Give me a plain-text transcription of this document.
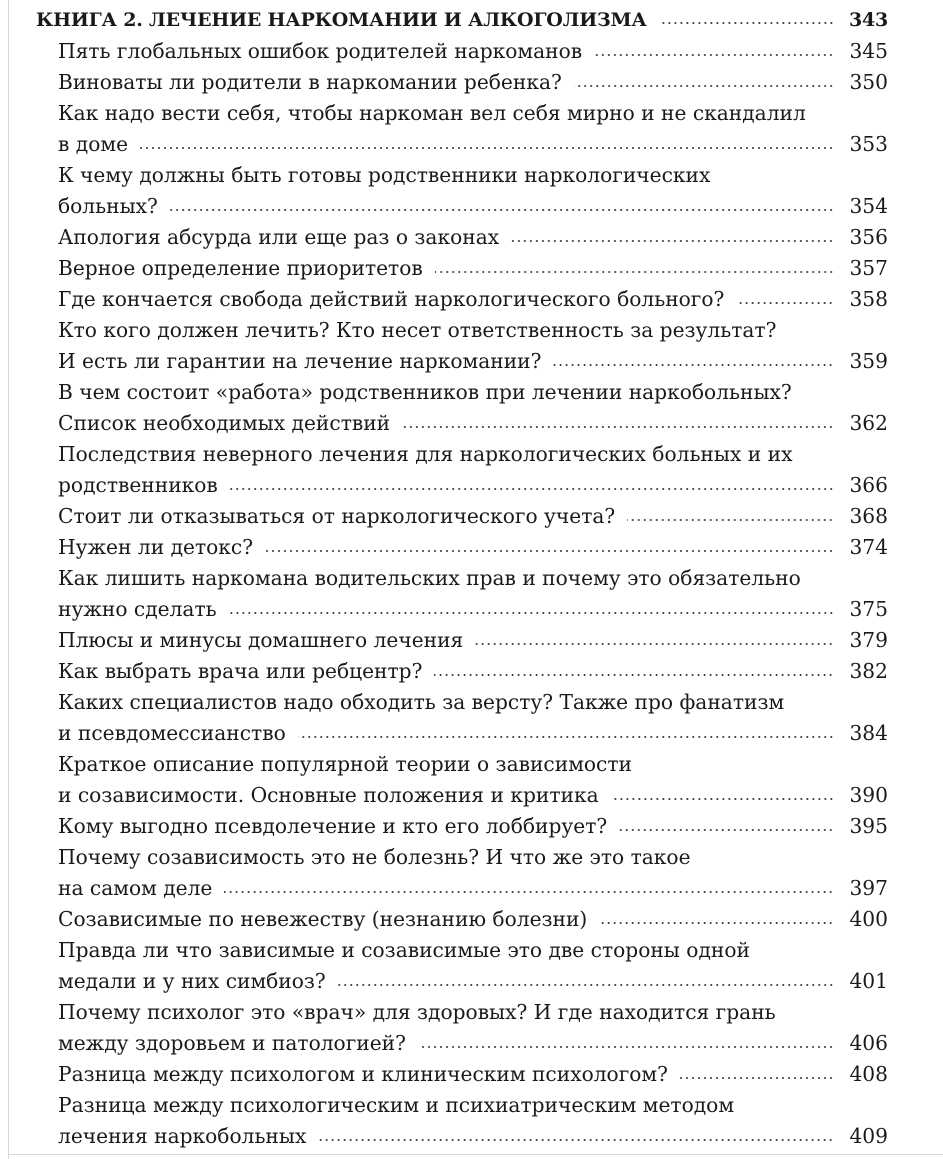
КНИГА 2. ЛЕЧЕНИЕ НАРКОМАНИИ И АЛКОГОЛИЗМА	343
Пять глобальных ошибок родителей наркоманов	345
Виноваты ли родители в наркомании ребенка?	350
Как надо вести себя, чтобы наркоман вел себя мирно и не скандалил
в доме	353
К чему должны быть готовы родственники наркологических
больных?	354
Апология абсурда или еще раз о законах	356
Верное определение приоритетов	357
Где кончается свобода действий наркологического больного?	358
Кто кого должен лечить? Кто несет ответственность за результат?
И есть ли гарантии на лечение наркомании?	359
В чем состоит «работа» родственников при лечении наркобольных?
Список необходимых действий	362
Последствия неверного лечения для наркологических больных и их
родственников	366
Стоит ли отказываться от наркологического учета?	368
Нужен ли детокс?	374
Как лишить наркомана водительских прав и почему это обязательно
нужно сделать	375
Плюсы и минусы домашнего лечения	379
Как выбрать врача или ребцентр?	382
Каких специалистов надо обходить за версту? Также про фанатизм
и псевдомессианство	384
Краткое описание популярной теории о зависимости
и созависимости. Основные положения и критика	390
Кому выгодно псевдолечение и кто его лоббирует?	395
Почему созависимость это не болезнь? И что же это такое
на самом деле	397
Созависимые по невежеству (незнанию болезни)	400
Правда ли что зависимые и созависимые это две стороны одной
медали и у них симбиоз?	401
Почему психолог это «врач» для здоровых? И где находится грань
между здоровьем и патологией?	406
Разница между психологом и клиническим психологом?	408
Разница между психологическим и психиатрическим методом
лечения наркобольных	409
